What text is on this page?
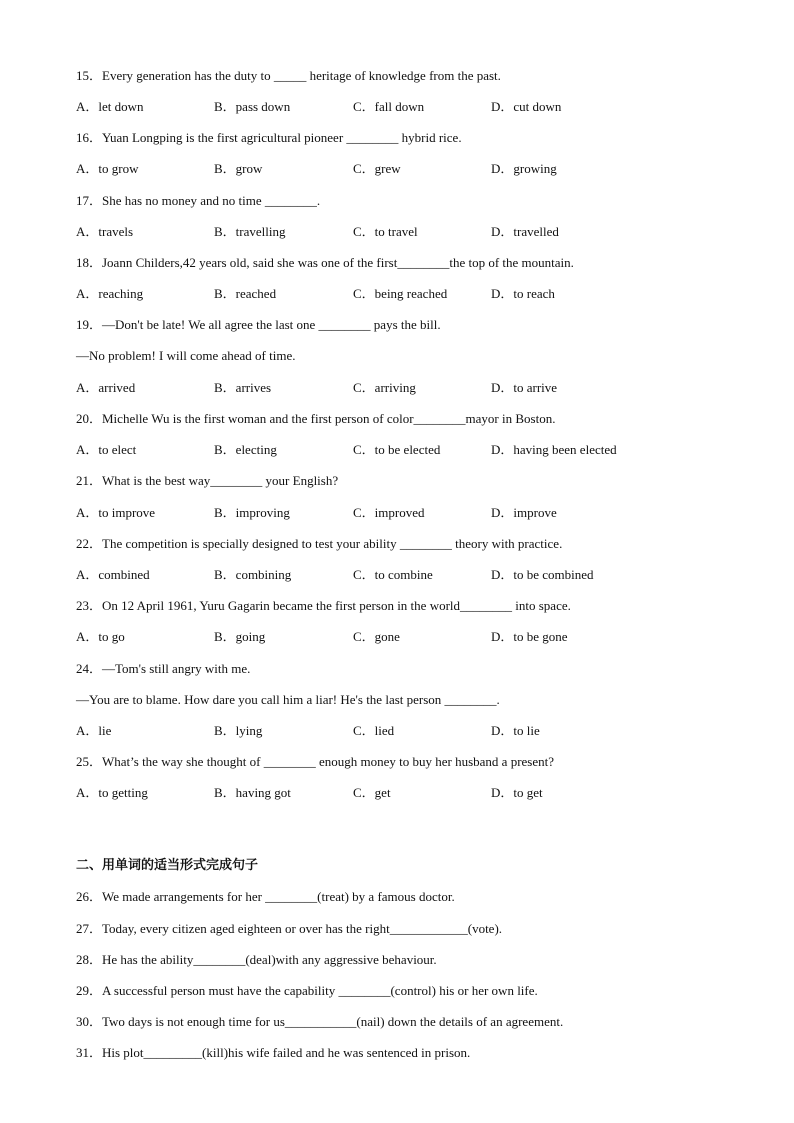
15．Every generation has the duty to _____ heritage of knowledge from the past.
A．let down	B．pass down	C．fall down	D．cut down
16．Yuan Longping is the first agricultural pioneer ________ hybrid rice.
A．to grow	B．grow	C．grew	D．growing
17．She has no money and no time ________.
A．travels	B．travelling	C．to travel	D．travelled
18．Joann Childers,42 years old, said she was one of the first________the top of the mountain.
A．reaching	B．reached	C．being reached	D．to reach
19．—Don't be late! We all agree the last one ________ pays the bill.
—No problem! I will come ahead of time.
A．arrived	B．arrives	C．arriving	D．to arrive
20．Michelle Wu is the first woman and the first person of color________mayor in Boston.
A．to elect	B．electing	C．to be elected	D．having been elected
21．What is the best way________ your English?
A．to improve	B．improving	C．improved	D．improve
22．The competition is specially designed to test your ability ________ theory with practice.
A．combined	B．combining	C．to combine	D．to be combined
23．On 12 April 1961, Yuru Gagarin became the first person in the world________ into space.
A．to go	B．going	C．gone	D．to be gone
24．—Tom's still angry with me.
—You are to blame. How dare you call him a liar! He's the last person ________.
A．lie	B．lying	C．lied	D．to lie
25．What’s the way she thought of ________ enough money to buy her husband a present?
A．to getting	B．having got	C．get	D．to get
二、用单词的适当形式完成句子
26．We made arrangements for her ________(treat) by a famous doctor.
27．Today, every citizen aged eighteen or over has the right____________(vote).
28．He has the ability________(deal)with any aggressive behaviour.
29．A successful person must have the capability ________(control) his or her own life.
30．Two days is not enough time for us___________(nail) down the details of an agreement.
31．His plot_________(kill)his wife failed and he was sentenced in prison.
